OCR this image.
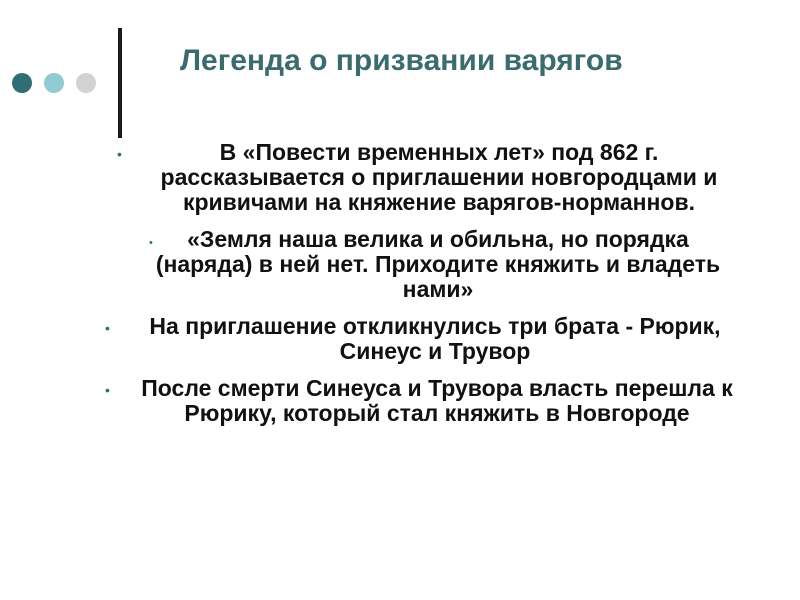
Легенда о призвании варягов
•	В «Повести временных лет» под 862 г. рассказывается о приглашении новгородцами и кривичами на княжение варягов-норманнов.
•	«Земля наша велика и обильна, но порядка (наряда) в ней нет. Приходите княжить и владеть нами»
•	На приглашение откликнулись три брата - Рюрик, Синеус и Трувор
•	После смерти Синеуса и Трувора власть перешла к Рюрику, который стал княжить в Новгороде
